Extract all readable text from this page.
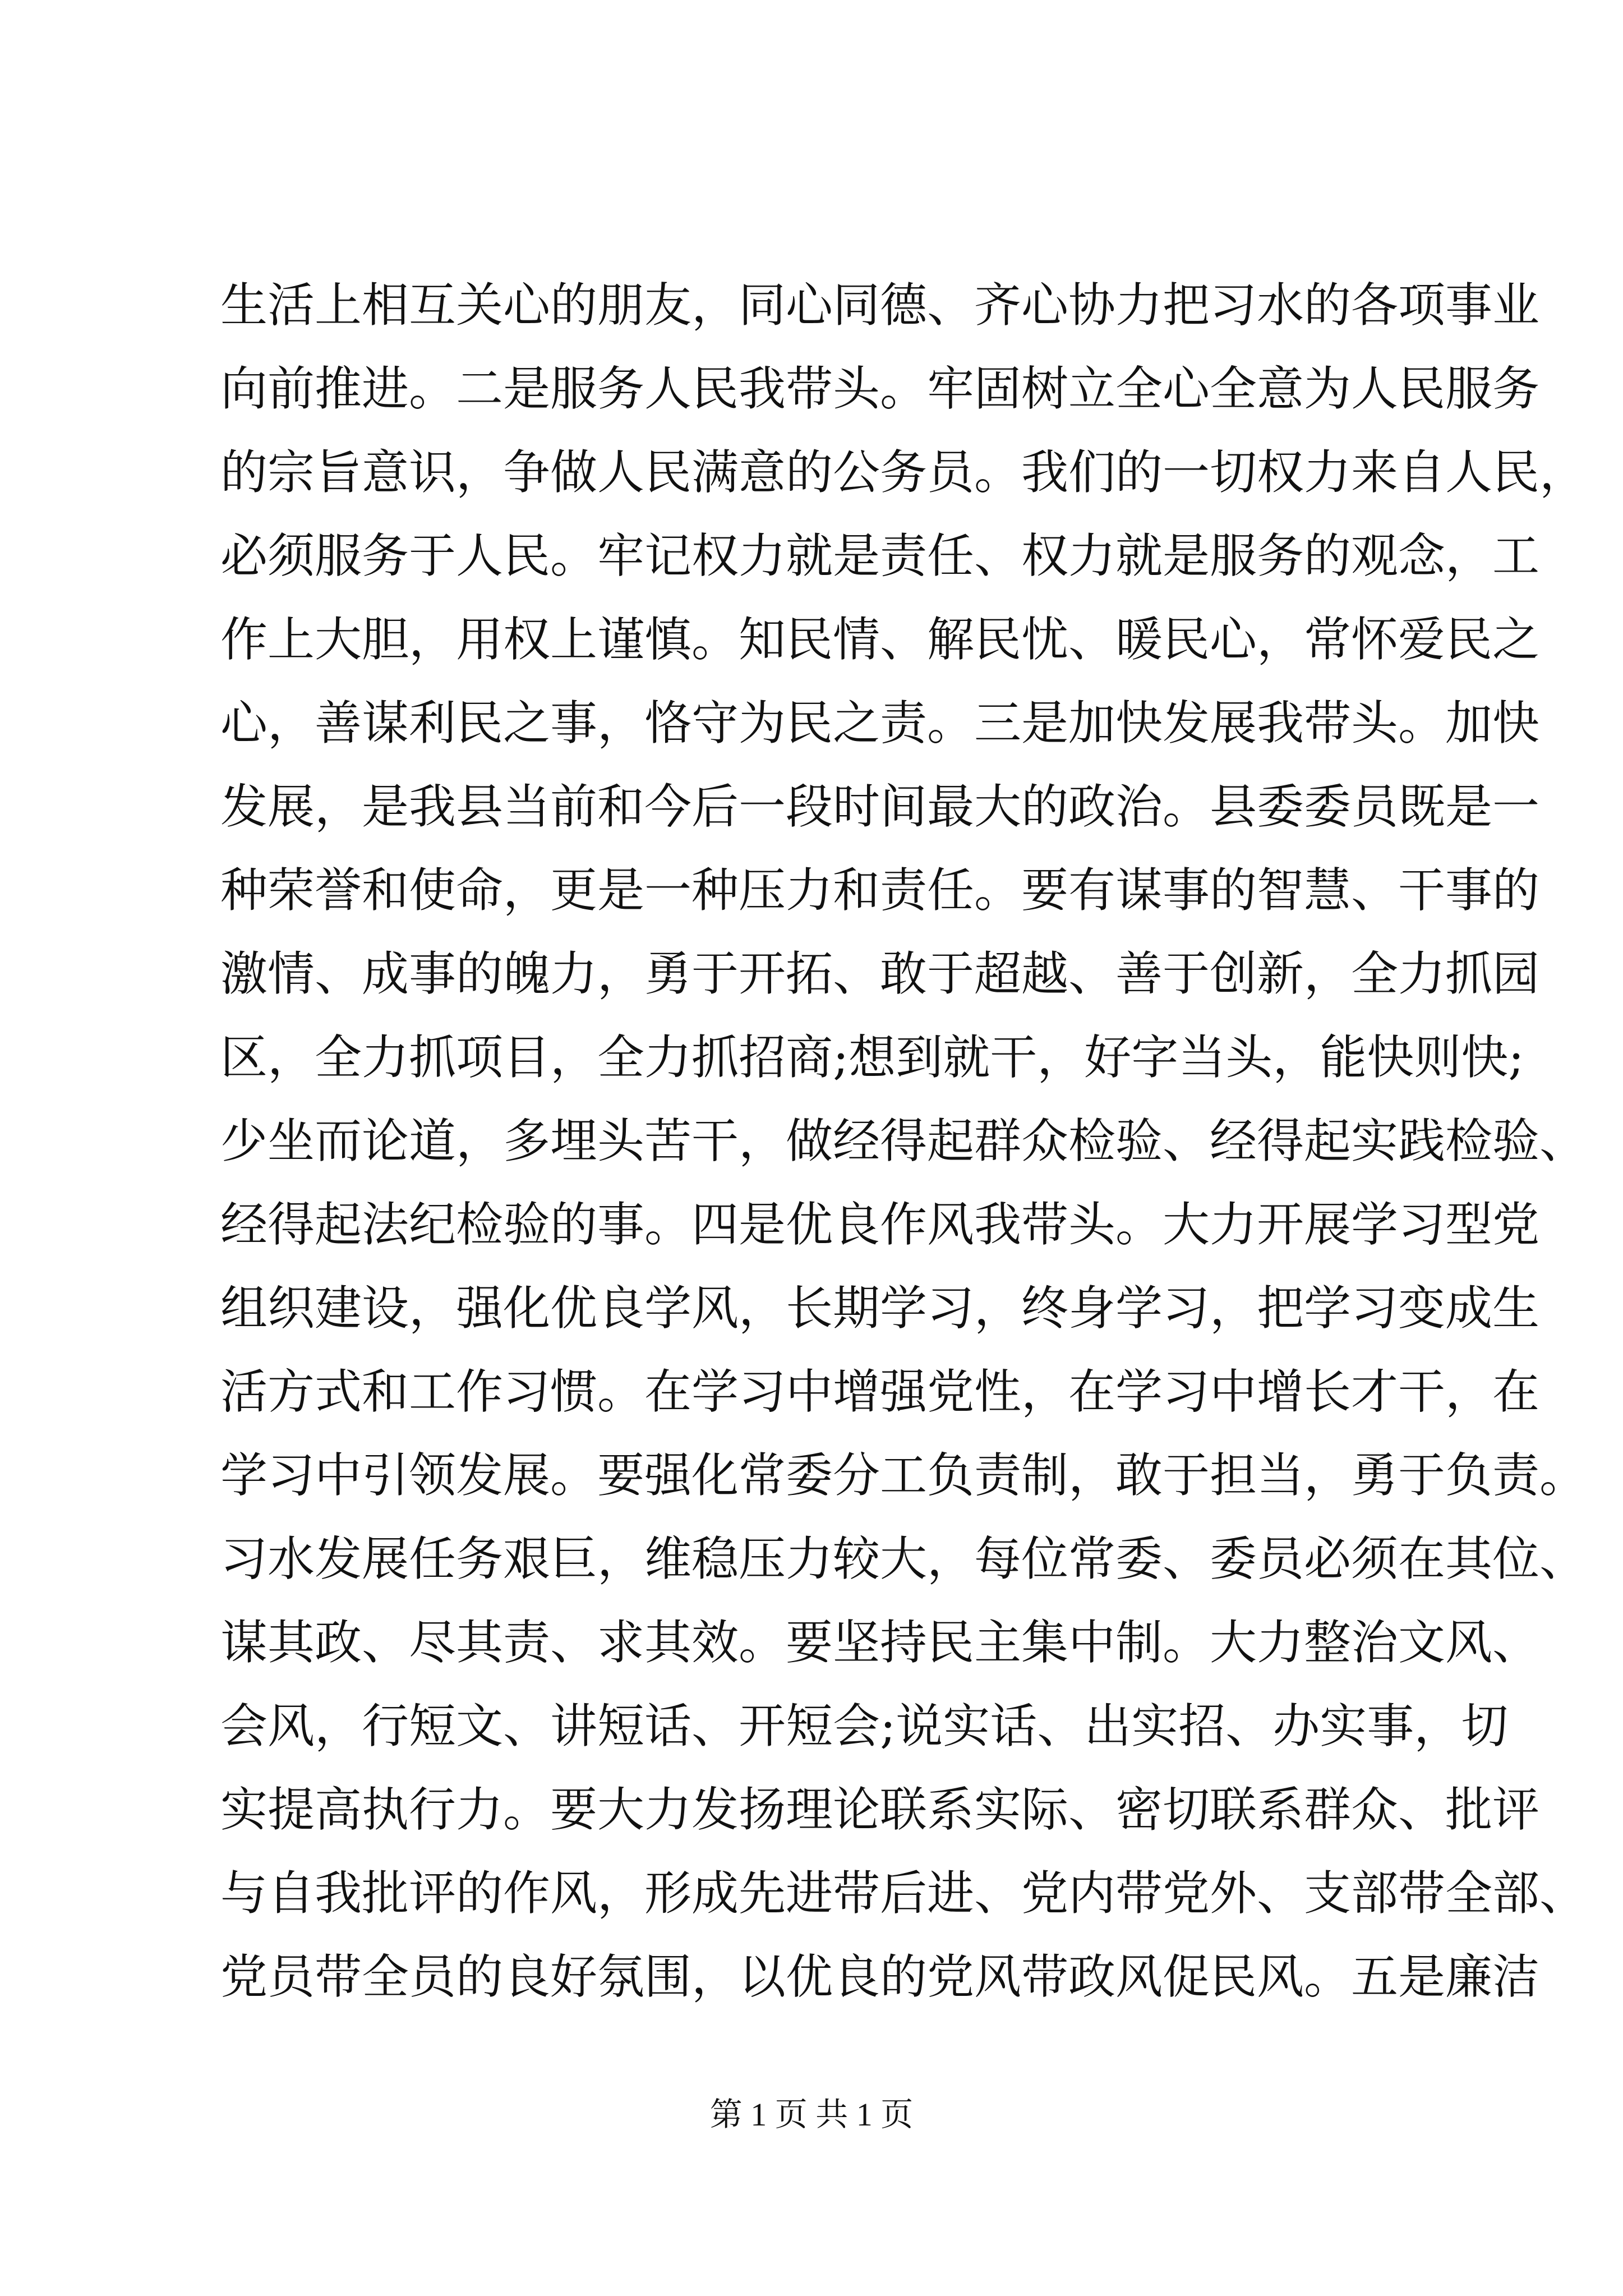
生活上相互关心的朋友，同心同德、齐心协力把习水的各项事业
向前推进。二是服务人民我带头。牢固树立全心全意为人民服务
的宗旨意识，争做人民满意的公务员。我们的一切权力来自人民，
必须服务于人民。牢记权力就是责任、权力就是服务的观念，工
作上大胆，用权上谨慎。知民情、解民忧、暖民心，常怀爱民之
心，善谋利民之事，恪守为民之责。三是加快发展我带头。加快
发展，是我县当前和今后一段时间最大的政治。县委委员既是一
种荣誉和使命，更是一种压力和责任。要有谋事的智慧、干事的
激情、成事的魄力，勇于开拓、敢于超越、善于创新，全力抓园
区，全力抓项目，全力抓招商;想到就干，好字当头，能快则快;
少坐而论道，多埋头苦干，做经得起群众检验、经得起实践检验、
经得起法纪检验的事。四是优良作风我带头。大力开展学习型党
组织建设，强化优良学风，长期学习，终身学习，把学习变成生
活方式和工作习惯。在学习中增强党性，在学习中增长才干，在
学习中引领发展。要强化常委分工负责制，敢于担当，勇于负责。
习水发展任务艰巨，维稳压力较大，每位常委、委员必须在其位、
谋其政、尽其责、求其效。要坚持民主集中制。大力整治文风、
会风，行短文、讲短话、开短会;说实话、出实招、办实事，切
实提高执行力。要大力发扬理论联系实际、密切联系群众、批评
与自我批评的作风，形成先进带后进、党内带党外、支部带全部、
党员带全员的良好氛围，以优良的党风带政风促民风。五是廉洁
第 1 页 共 1 页
